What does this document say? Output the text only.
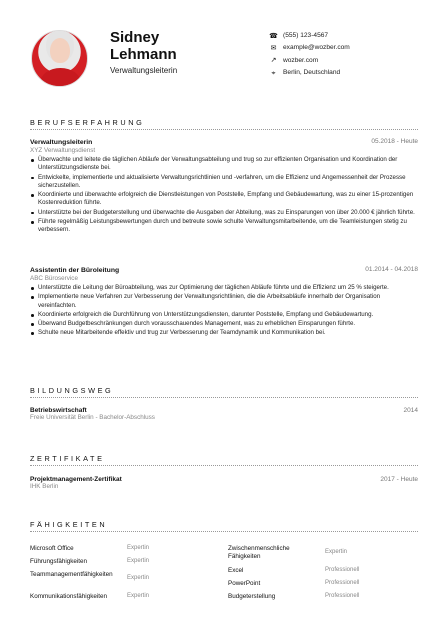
Sidney
Lehmann
Verwaltungsleiterin
☎ (555) 123-4567
✉ example@wozber.com
↗ wozber.com
⌖	Berlin, Deutschland
BERUFSERFAHRUNG
Verwaltungsleiterin	05.2018 - Heute
XYZ Verwaltungsdienst
Überwachte und leitete die täglichen Abläufe der Verwaltungsabteilung und trug so zur effizienten Organisation und Koordination der Unterstützungsdienste bei.
Entwickelte, implementierte und aktualisierte Verwaltungsrichtlinien und -verfahren, um die Effizienz und Angemessenheit der Prozesse sicherzustellen.
Koordinierte und überwachte erfolgreich die Dienstleistungen von Poststelle, Empfang und Gebäudewartung, was zu einer 15-prozentigen Kostenreduktion führte.
Unterstützte bei der Budgeterstellung und überwachte die Ausgaben der Abteilung, was zu Einsparungen von über 20.000 € jährlich führte.
Führte regelmäßig Leistungsbewertungen durch und betreute sowie schulte Verwaltungsmitarbeitende, um die Teamleistungen stetig zu verbessern.
Assistentin der Büroleitung	01.2014 - 04.2018
ABC Büroservice
Unterstützte die Leitung der Büroabteilung, was zur Optimierung der täglichen Abläufe führte und die Effizienz um 25 % steigerte.
Implementierte neue Verfahren zur Verbesserung der Verwaltungsrichtlinien, die die Arbeitsabläufe innerhalb der Organisation vereinfachten.
Koordinierte erfolgreich die Durchführung von Unterstützungsdiensten, darunter Poststelle, Empfang und Gebäudewartung.
Überwand Budgetbeschränkungen durch vorausschauendes Management, was zu erheblichen Einsparungen führte.
Schulte neue Mitarbeitende effektiv und trug zur Verbesserung der Teamdynamik und Kommunikation bei.
BILDUNGSWEG
Betriebswirtschaft	2014
Freie Universität Berlin - Bachelor-Abschluss
ZERTIFIKATE
Projektmanagement-Zertifikat	2017 - Heute
IHK Berlin
FÄHIGKEITEN
Microsoft Office	Expertin
Führungsfähigkeiten	Expertin
Teammanagementfähigkeiten	Expertin
Kommunikationsfähigkeiten	Expertin
Zwischenmenschliche Fähigkeiten
Expertin
Excel	Professionell
PowerPoint	Professionell
Budgeterstellung	Professionell
